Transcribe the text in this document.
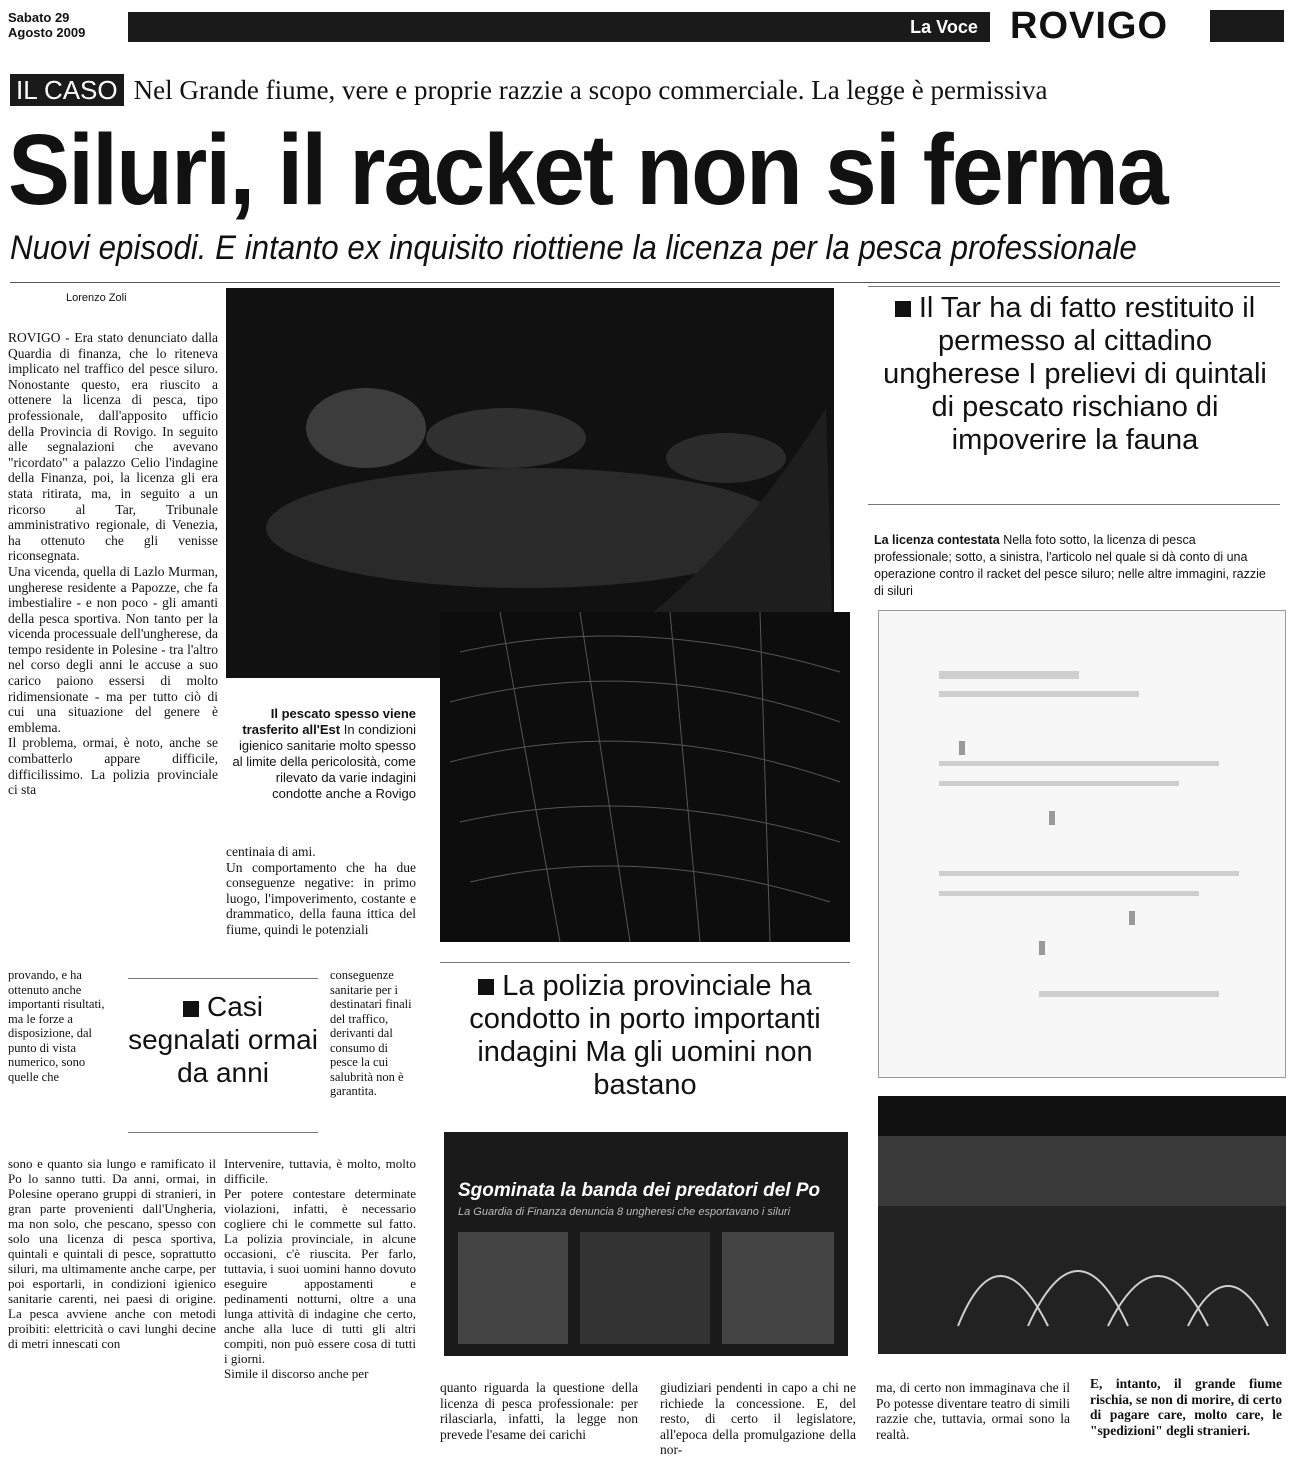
Sabato 29
Agosto 2009	La Voce ROVIGO
IL CASO Nel Grande fiume, vere e proprie razzie a scopo commerciale. La legge è permissiva
Siluri, il racket non si ferma
Nuovi episodi. E intanto ex inquisito riottiene la licenza per la pesca professionale
Lorenzo Zoli

ROVIGO - Era stato denunciato dalla Quardia di finanza, che lo riteneva implicato nel traffico del pesce siluro. Nonostante questo, era riuscito a ottenere la licenza di pesca, tipo professionale, dall'apposito ufficio della Provincia di Rovigo. In seguito alle segnalazioni che avevano "ricordato" a palazzo Celio l'indagine della Finanza, poi, la licenza gli era stata ritirata, ma, in seguito a un ricorso al Tar, Tribunale amministrativo regionale, di Venezia, ha ottenuto che gli venisse riconsegnata.

Una vicenda, quella di Lazlo Murman, ungherese residente a Papozze, che fa imbestialire - e non poco - gli amanti della pesca sportiva. Non tanto per la vicenda processuale dell'ungherese, da tempo residente in Polesine - tra l'altro nel corso degli anni le accuse a suo carico paiono essersi di molto ridimensionate - ma per tutto ciò di cui una situazione del genere è emblema.

Il problema, ormai, è noto, anche se combatterlo appare difficile, difficilissimo. La polizia provinciale ci sta

provando, e ha ottenuto anche importanti risultati, ma le forze a disposizione, dal punto di vista numerico, sono quelle che
sono e quanto sia lungo e ramificato il Po lo sanno tutti. Da anni, ormai, in Polesine operano gruppi di stranieri, in gran parte provenienti dall'Ungheria, ma non solo, che pescano, spesso con solo una licenza di pesca sportiva, quintali e quintali di pesce, soprattutto siluri, ma ultimamente anche carpe, per poi esportarli, in condizioni igienico sanitarie carenti, nei paesi di origine. La pesca avviene anche con metodi proibiti: elettricità o cavi lunghi decine di metri innescati con
Il pescato spesso viene trasferito all'Est In condizioni igienico sanitarie molto spesso al limite della pericolosità, come rilevato da varie indagini condotte anche a Rovigo

centinaia di ami.

Un comportamento che ha due conseguenze negative: in primo luogo, l'impoverimento, costante e drammatico, della fauna ittica del fiume, quindi le potenziali

conseguenze sanitarie per i destinatari finali del traffico, derivanti dal consumo di pesce la cui salubrità non è garantita.

Intervenire, tuttavia, è molto, molto difficile.

Per potere contestare determinate violazioni, infatti, è necessario cogliere chi le commette sul fatto. La polizia provinciale, in alcune occasioni, c'è riuscita. Per farlo, tuttavia, i suoi uomini hanno dovuto eseguire appostamenti e pedinamenti notturni, oltre a una lunga attività di indagine che certo, anche alla luce di tutti gli altri compiti, non può essere cosa di tutti i giorni.

Simile il discorso anche per

Casi segnalati ormai da anni
La polizia provinciale ha condotto in porto importanti indagini Ma gli uomini non bastano
Sgominata la banda dei predatori del Po
La Guardia di Finanza denuncia 8 ungheresi che esportavano i siluri
Il Tar ha di fatto restituito il permesso al cittadino ungherese I prelievi di quintali di pescato rischiano di impoverire la fauna
La licenza contestata Nella foto sotto, la licenza di pesca professionale; sotto, a sinistra, l'articolo nel quale si dà conto di una operazione contro il racket del pesce siluro; nelle altre immagini, razzie di siluri
quanto riguarda la questione della licenza di pesca professionale: per rilasciarla, infatti, la legge non prevede l'esame dei carichi
giudiziari pendenti in capo a chi ne richiede la concessione. E, del resto, di certo il legislatore, all'epoca della promulgazione della nor-
ma, di certo non immaginava che il Po potesse diventare teatro di simili razzie che, tuttavia, ormai sono la realtà.
E, intanto, il grande fiume rischia, se non di morire, di certo di pagare care, molto care, le "spedizioni" degli stranieri.
